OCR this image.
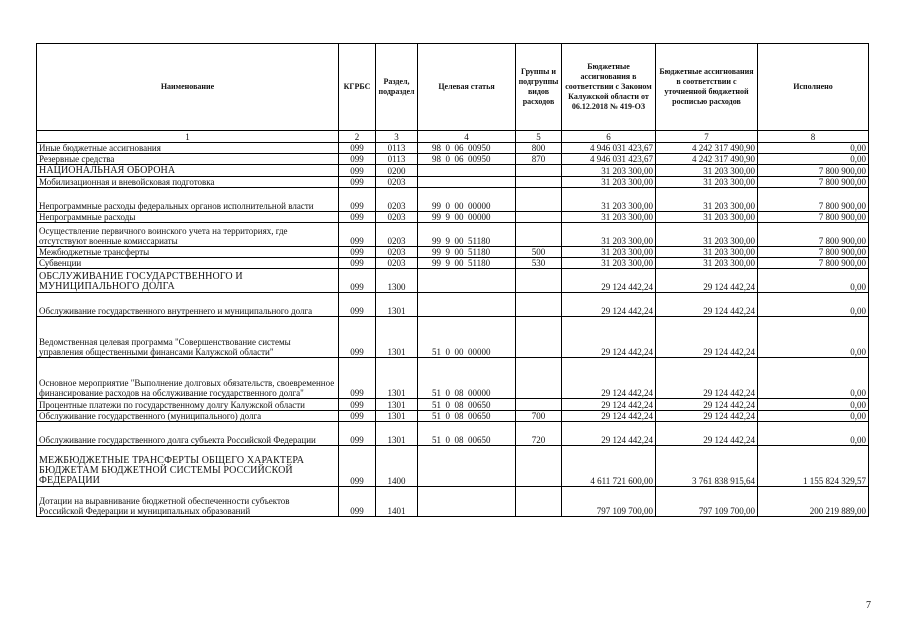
Наименование	КГРБС	Раздел, подраздел	Целевая статья	Группы и подгруппы видов расходов	Бюджетные ассигнования в соответствии с Законом Калужской области от 06.12.2018 № 419-ОЗ	Бюджетные ассигнования в соответствии с уточненной бюджетной росписью расходов	Исполнено
1	2	3	4	5	6	7	8
Иные бюджетные ассигнования	099	0113	98  0  06  00950	800	4 946 031 423,67	4 242 317 490,90	0,00
Резервные средства	099	0113	98  0  06  00950	870	4 946 031 423,67	4 242 317 490,90	0,00
НАЦИОНАЛЬНАЯ ОБОРОНА	099	0200			31 203 300,00	31 203 300,00	7 800 900,00
Мобилизационная и вневойсковая подготовка	099	0203			31 203 300,00	31 203 300,00	7 800 900,00
Непрограммные расходы федеральных органов исполнительной власти	099	0203	99  0  00  00000		31 203 300,00	31 203 300,00	7 800 900,00
Непрограммные расходы	099	0203	99  9  00  00000		31 203 300,00	31 203 300,00	7 800 900,00
Осуществление первичного воинского учета на территориях, где отсутствуют военные комиссариаты	099	0203	99  9  00  51180		31 203 300,00	31 203 300,00	7 800 900,00
Межбюджетные трансферты	099	0203	99  9  00  51180	500	31 203 300,00	31 203 300,00	7 800 900,00
Субвенции	099	0203	99  9  00  51180	530	31 203 300,00	31 203 300,00	7 800 900,00
ОБСЛУЖИВАНИЕ ГОСУДАРСТВЕННОГО И МУНИЦИПАЛЬНОГО ДОЛГА	099	1300			29 124 442,24	29 124 442,24	0,00
Обслуживание государственного внутреннего и муниципального долга	099	1301			29 124 442,24	29 124 442,24	0,00
Ведомственная целевая программа "Совершенствование системы управления общественными финансами Калужской области"	099	1301	51  0  00  00000		29 124 442,24	29 124 442,24	0,00
Основное мероприятие "Выполнение долговых обязательств, своевременное финансирование расходов на обслуживание государственного долга"	099	1301	51  0  08  00000		29 124 442,24	29 124 442,24	0,00
Процентные платежи по государственному долгу Калужской области	099	1301	51  0  08  00650		29 124 442,24	29 124 442,24	0,00
Обслуживание государственного (муниципального) долга	099	1301	51  0  08  00650	700	29 124 442,24	29 124 442,24	0,00
Обслуживание государственного долга субъекта Российской Федерации	099	1301	51  0  08  00650	720	29 124 442,24	29 124 442,24	0,00
МЕЖБЮДЖЕТНЫЕ ТРАНСФЕРТЫ ОБЩЕГО ХАРАКТЕРА БЮДЖЕТАМ БЮДЖЕТНОЙ СИСТЕМЫ РОССИЙСКОЙ ФЕДЕРАЦИИ	099	1400			4 611 721 600,00	3 761 838 915,64	1 155 824 329,57
Дотации на выравнивание бюджетной обеспеченности субъектов Российской Федерации и муниципальных образований	099	1401			797 109 700,00	797 109 700,00	200 219 889,00
7
